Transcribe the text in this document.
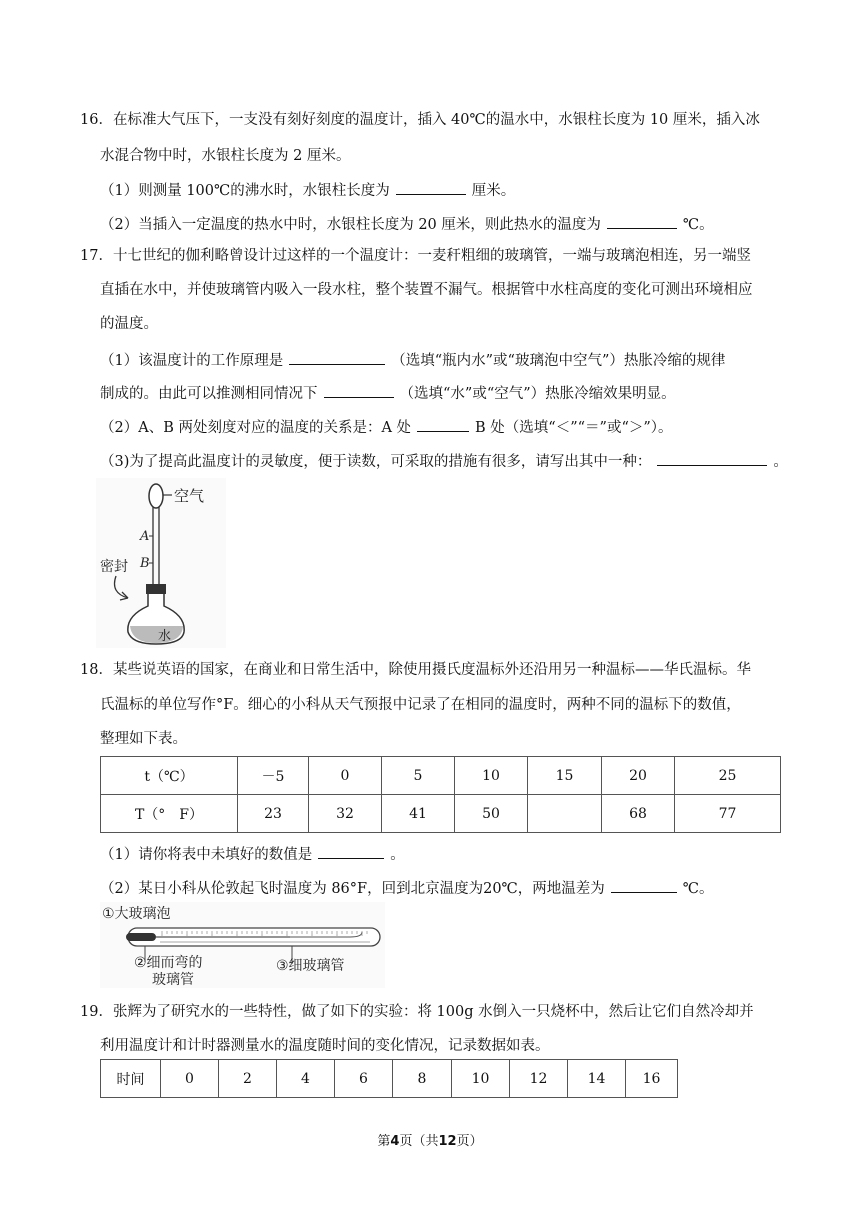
16．在标准大气压下，一支没有刻好刻度的温度计，插入 40℃的温水中，水银柱长度为 10 厘米，插入冰
水混合物中时，水银柱长度为 2 厘米。
（1）则测量 100℃的沸水时，水银柱长度为	厘米。
（2）当插入一定温度的热水中时，水银柱长度为 20 厘米，则此热水的温度为	℃。
17．十七世纪的伽利略曾设计过这样的一个温度计：一麦秆粗细的玻璃管，一端与玻璃泡相连，另一端竖
直插在水中，并使玻璃管内吸入一段水柱，整个装置不漏气。根据管中水柱高度的变化可测出环境相应
的温度。
（1）该温度计的工作原理是	（选填“瓶内水”或“玻璃泡中空气”）热胀冷缩的规律
制成的。由此可以推测相同情况下	（选填“水”或“空气”）热胀冷缩效果明显。
（2）A、B 两处刻度对应的温度的关系是：A 处	B 处（选填“＜”“＝”或“＞”）。
（3)为了提高此温度计的灵敏度，便于读数，可采取的措施有很多，请写出其中一种：	。
空气
A
B
密封
水
18．某些说英语的国家，在商业和日常生活中，除使用摄氏度温标外还沿用另一种温标——华氏温标。华
氏温标的单位写作°F。细心的小科从天气预报中记录了在相同的温度时，两种不同的温标下的数值，
整理如下表。
t（℃）	－5	0	5	10	15	20	25
T（°　F）	23	32	41	50		68	77
（1）请你将表中未填好的数值是	。
（2）某日小科从伦敦起飞时温度为 86°F，回到北京温度为20℃，两地温差为	℃。
①大玻璃泡
②细而弯的
玻璃管
③细玻璃管
19．张辉为了研究水的一些特性，做了如下的实验：将 100g 水倒入一只烧杯中，然后让它们自然冷却并
利用温度计和计时器测量水的温度随时间的变化情况，记录数据如表。
时间	0	2	4	6	8	10	12	14	16
第4页（共12页）
